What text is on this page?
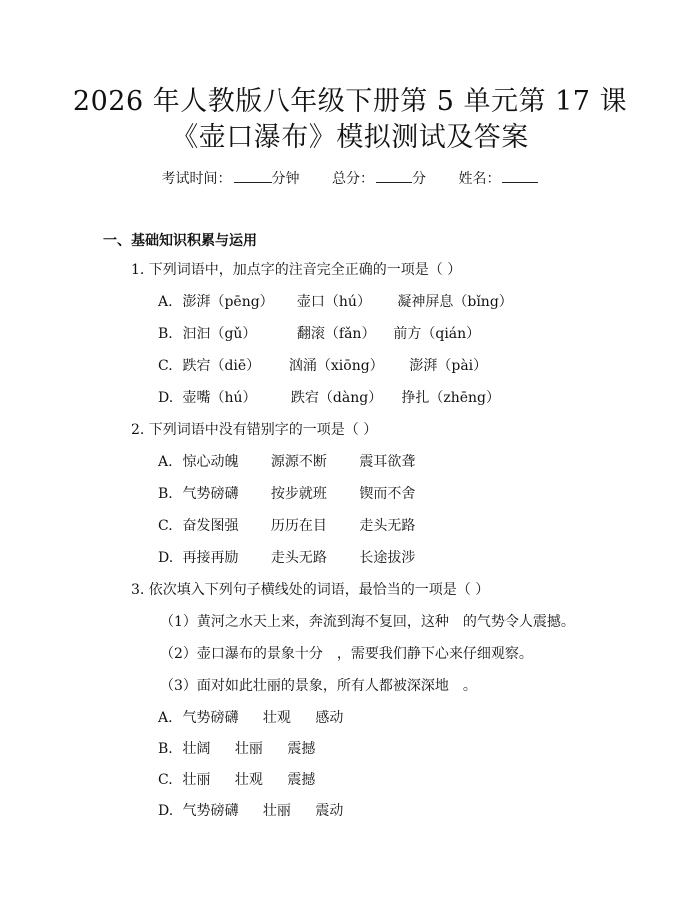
2026 年人教版八年级下册第 5 单元第 17 课
《壶口瀑布》模拟测试及答案
考试时间：	分钟 总分：	分 姓名：
一、基础知识积累与运用
1. 下列词语中，加点字的注音完全正确的一项是（ ）
A. 澎湃（pēng） 壶口（hú） 凝神屏息（bǐng）
B. 汩汩（gǔ）	翻滚（fǎn） 前方（qián）
C. 跌宕（diē） 汹涌（xiōng） 澎湃（pài）
D. 壶嘴（hú） 跌宕（dàng） 挣扎（zhēng）
2. 下列词语中没有错别字的一项是（ ）
A. 惊心动魄 源源不断 震耳欲聋
B. 气势磅礴 按步就班 锲而不舍
C. 奋发图强 历历在目 走头无路
D. 再接再励 走头无路 长途拔涉
3. 依次填入下列句子横线处的词语，最恰当的一项是（ ）
（1）黄河之水天上来，奔流到海不复回，这种　的气势令人震撼。
（2）壶口瀑布的景象十分　，需要我们静下心来仔细观察。
（3）面对如此壮丽的景象，所有人都被深深地　。
A. 气势磅礴 壮观 感动
B. 壮阔 壮丽 震撼
C. 壮丽 壮观 震撼
D. 气势磅礴 壮丽 震动
